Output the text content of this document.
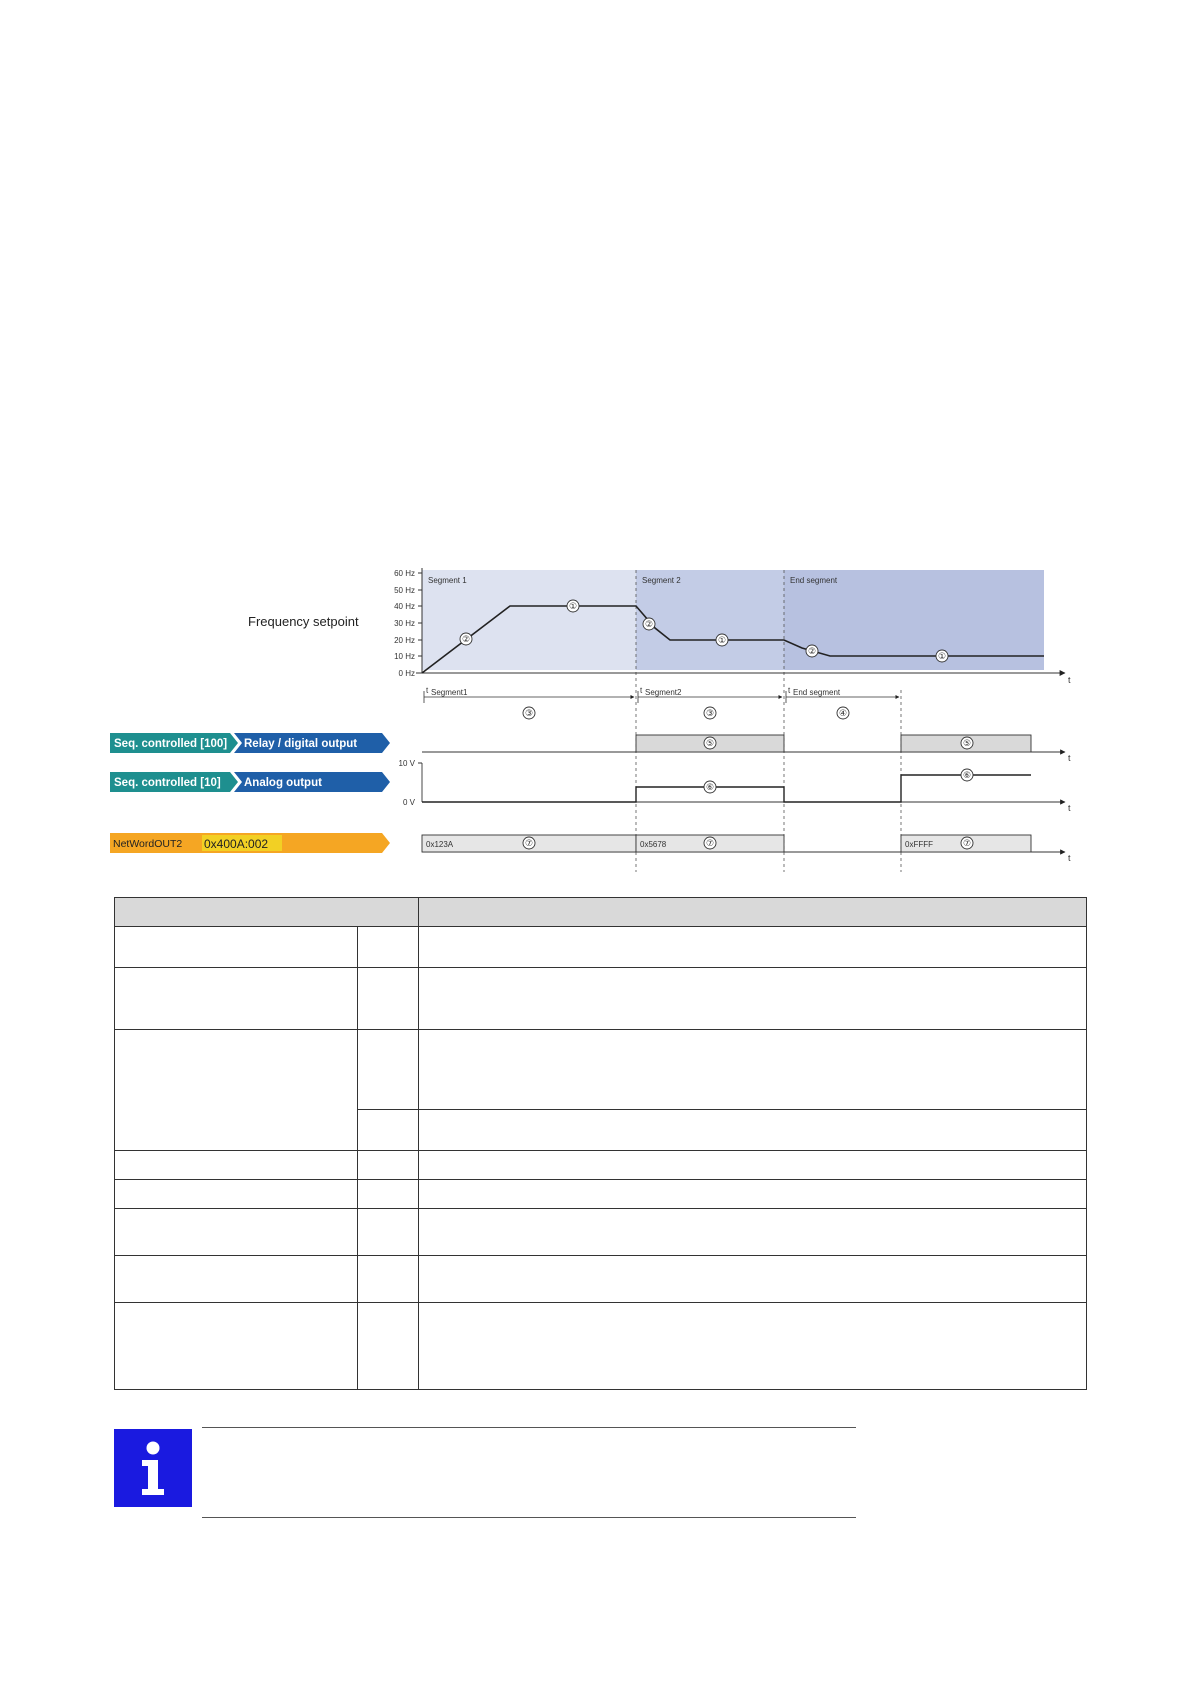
Segment 1	Segment 2	End segment
Frequency setpoint
60 Hz
50 Hz
40 Hz
30 Hz
20 Hz
10 Hz
0 Hz
t
②
①
②
①
②	①
t Segment1	t Segment2	t End segment
③	③	④
Seq. controlled [100] Relay / digital output
t
⑤	⑤
Seq. controlled [10] Analog output
10 V
0 V
t
⑥
⑥
NetWordOUT2 0x400A:002
t
0x123A	0x5678	0xFFFF
⑦	⑦	⑦
